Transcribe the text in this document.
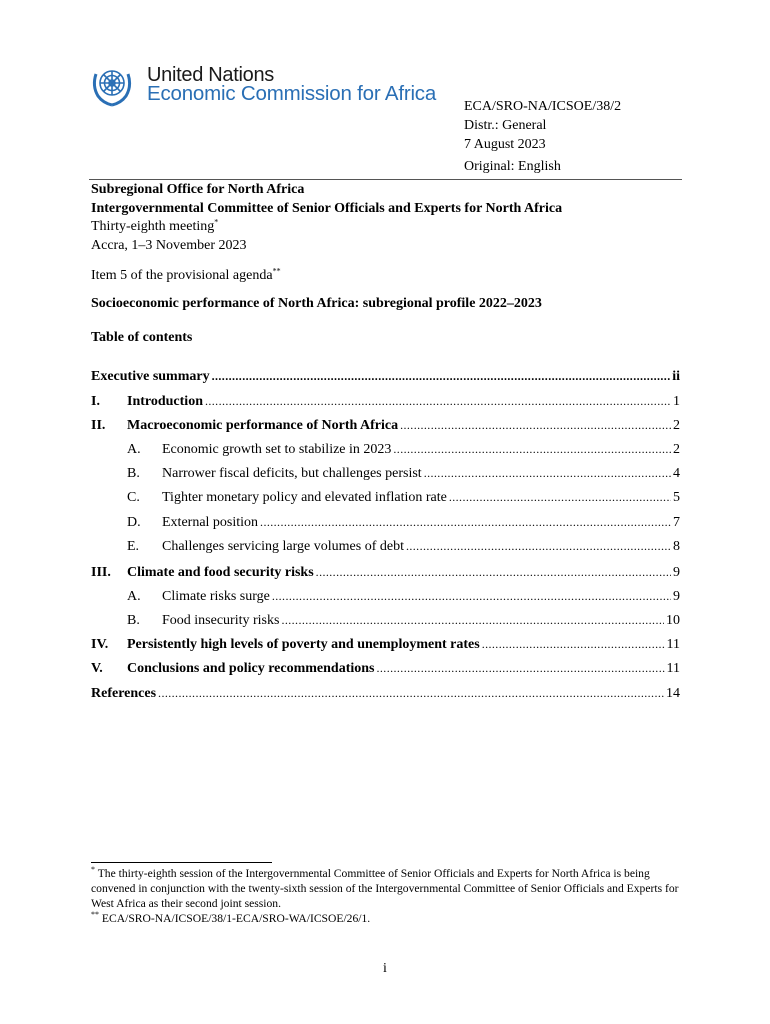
United Nations
Economic Commission for Africa
ECA/SRO-NA/ICSOE/38/2
Distr.: General
7 August 2023
Original: English
Subregional Office for North Africa
Intergovernmental Committee of Senior Officials and Experts for North Africa
Thirty-eighth meeting*
Accra, 1–3 November 2023
Item 5 of the provisional agenda**
Socioeconomic performance of North Africa: subregional profile 2022–2023
Table of contents
Executive summary . . .	ii
I.	Introduction . . .	1
II.	Macroeconomic performance of North Africa . . .	2
A.	Economic growth set to stabilize in 2023 . . .	2
B.	Narrower fiscal deficits, but challenges persist . . .	4
C.	Tighter monetary policy and elevated inflation rate . . .	5
D.	External position . . .	7
E.	Challenges servicing large volumes of debt . . .	8
III.	Climate and food security risks . . .	9
A.	Climate risks surge . . .	9
B.	Food insecurity risks . . .	10
IV.	Persistently high levels of poverty and unemployment rates . . .	11
V.	Conclusions and policy recommendations . . .	11
References . . .	14

* The thirty-eighth session of the Intergovernmental Committee of Senior Officials and Experts for North Africa is being convened in conjunction with the twenty-sixth session of the Intergovernmental Committee of Senior Officials and Experts for West Africa as their second joint session.

** ECA/SRO-NA/ICSOE/38/1-ECA/SRO-WA/ICSOE/26/1.

i
